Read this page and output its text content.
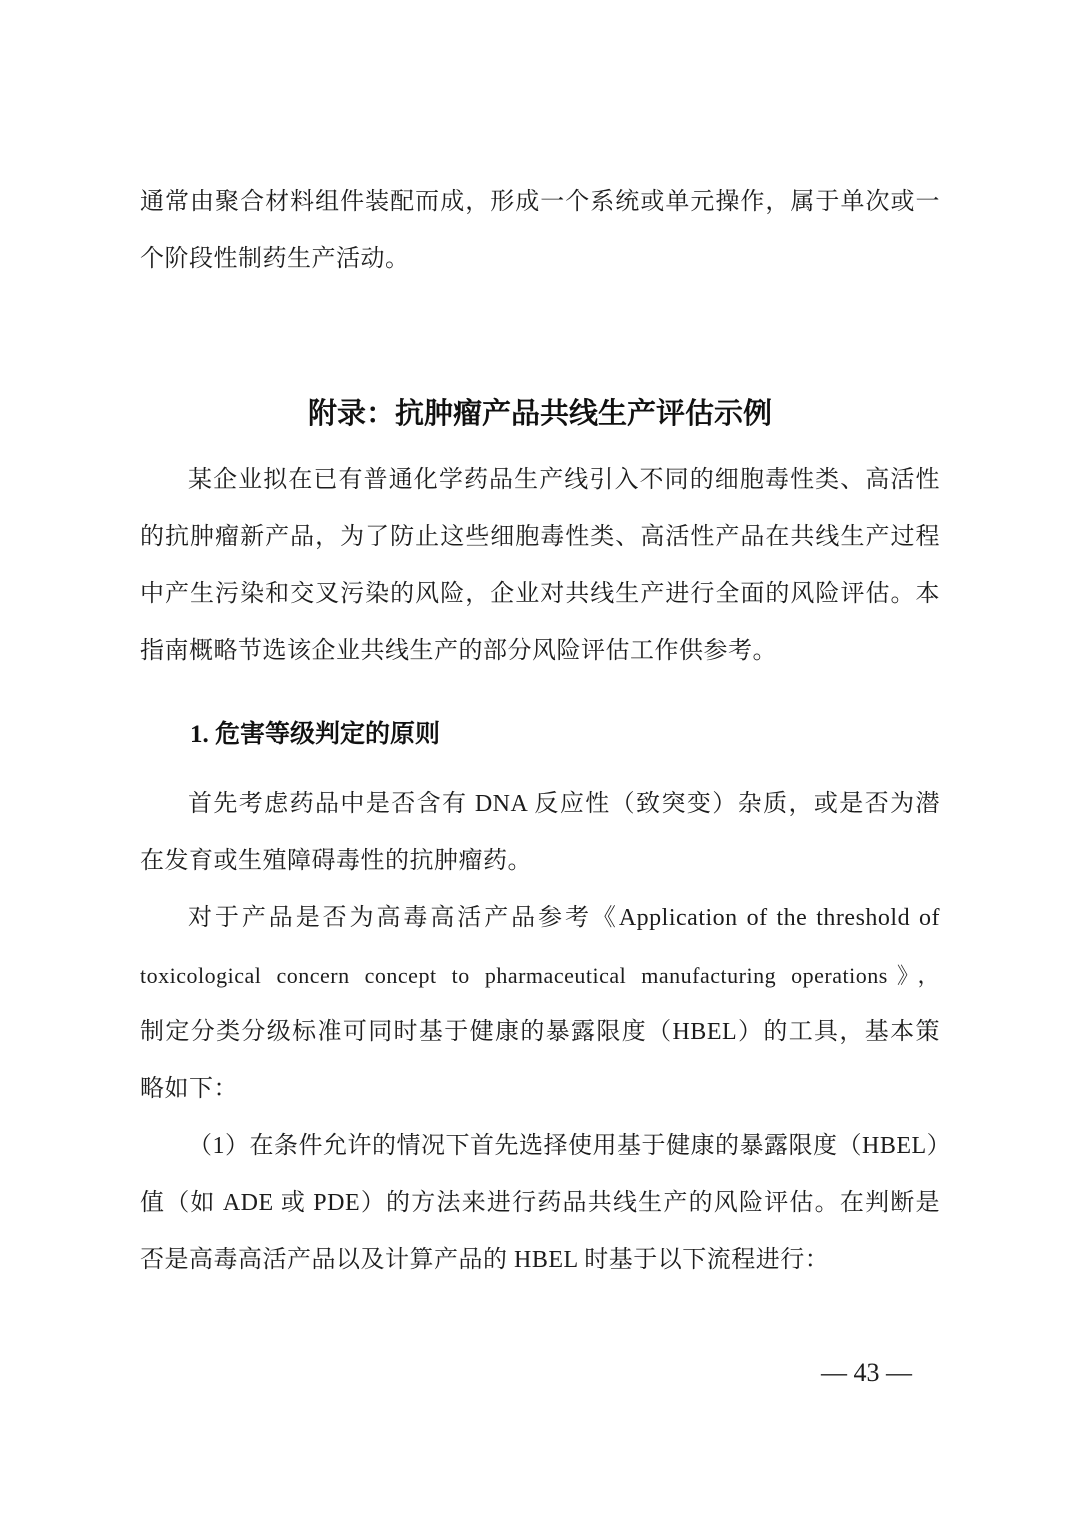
通常由聚合材料组件装配而成，形成一个系统或单元操作，属于单次或一
个阶段性制药生产活动。
附录：抗肿瘤产品共线生产评估示例
某企业拟在已有普通化学药品生产线引入不同的细胞毒性类、高活性
的抗肿瘤新产品，为了防止这些细胞毒性类、高活性产品在共线生产过程
中产生污染和交叉污染的风险，企业对共线生产进行全面的风险评估。本
指南概略节选该企业共线生产的部分风险评估工作供参考。
1. 危害等级判定的原则
首先考虑药品中是否含有 DNA 反应性（致突变）杂质，或是否为潜
在发育或生殖障碍毒性的抗肿瘤药。
对于产品是否为高毒高活产品参考《Application of the threshold of
toxicological concern concept to pharmaceutical manufacturing operations》，
制定分类分级标准可同时基于健康的暴露限度（HBEL）的工具，基本策
略如下：
（1）在条件允许的情况下首先选择使用基于健康的暴露限度（HBEL）
值（如 ADE 或 PDE）的方法来进行药品共线生产的风险评估。在判断是
否是高毒高活产品以及计算产品的 HBEL 时基于以下流程进行：
— 43 —
